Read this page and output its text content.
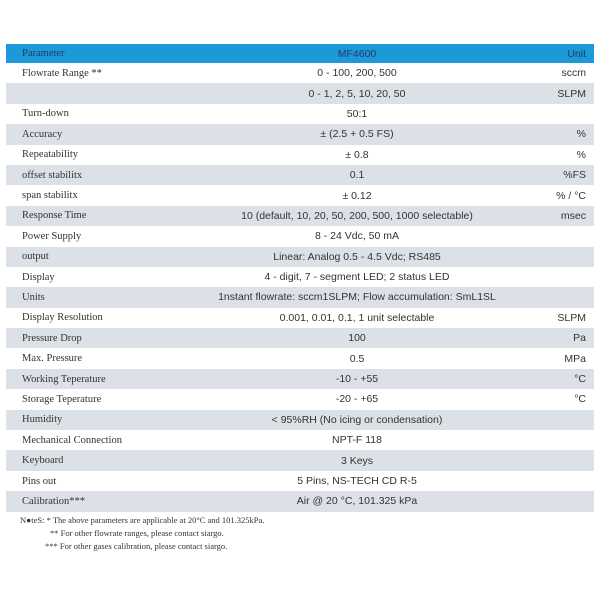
Parameter	MF4600	Unit
Flowrate Range **	0 - 100, 200, 500	sccm
	0 - 1, 2, 5, 10, 20, 50	SLPM
Turn-down	50:1	
Accuracy	± (2.5 + 0.5 FS)	%
Repeatability	± 0.8	%
offset stabilitx	0.1	%FS
span stabilitx	± 0.12	% / °C
Response Time	10 (default, 10, 20, 50, 200, 500, 1000 selectable)	msec
Power Supply	8 - 24 Vdc, 50 mA	
output	Linear: Analog 0.5 - 4.5 Vdc; RS485	
Display	4 - digit, 7 - segment LED; 2 status LED	
Units	1nstant flowrate: sccm1SLPM; Flow accumulation: SmL1SL	
Display Resolution	0.001, 0.01, 0.1, 1 unit selectable	SLPM
Pressure Drop	100	Pa
Max. Pressure	0.5	MPa
Working Teperature	-10 - +55	°C
Storage Teperature	-20 - +65	°C
Humidity	< 95%RH (No icing or condensation)	
Mechanical Connection	NPT-F 118	
Keyboard	3 Keys	
Pins out	5 Pins, NS-TECH CD R-5	
Calibration***	Air @ 20 °C, 101.325 kPa	
N●teS: * The above parameters are applicable at 20°C and 101.325kPa.
** For other flowrate ranges, please contact siargo.
*** For other gases calibration, please contact siargo.
